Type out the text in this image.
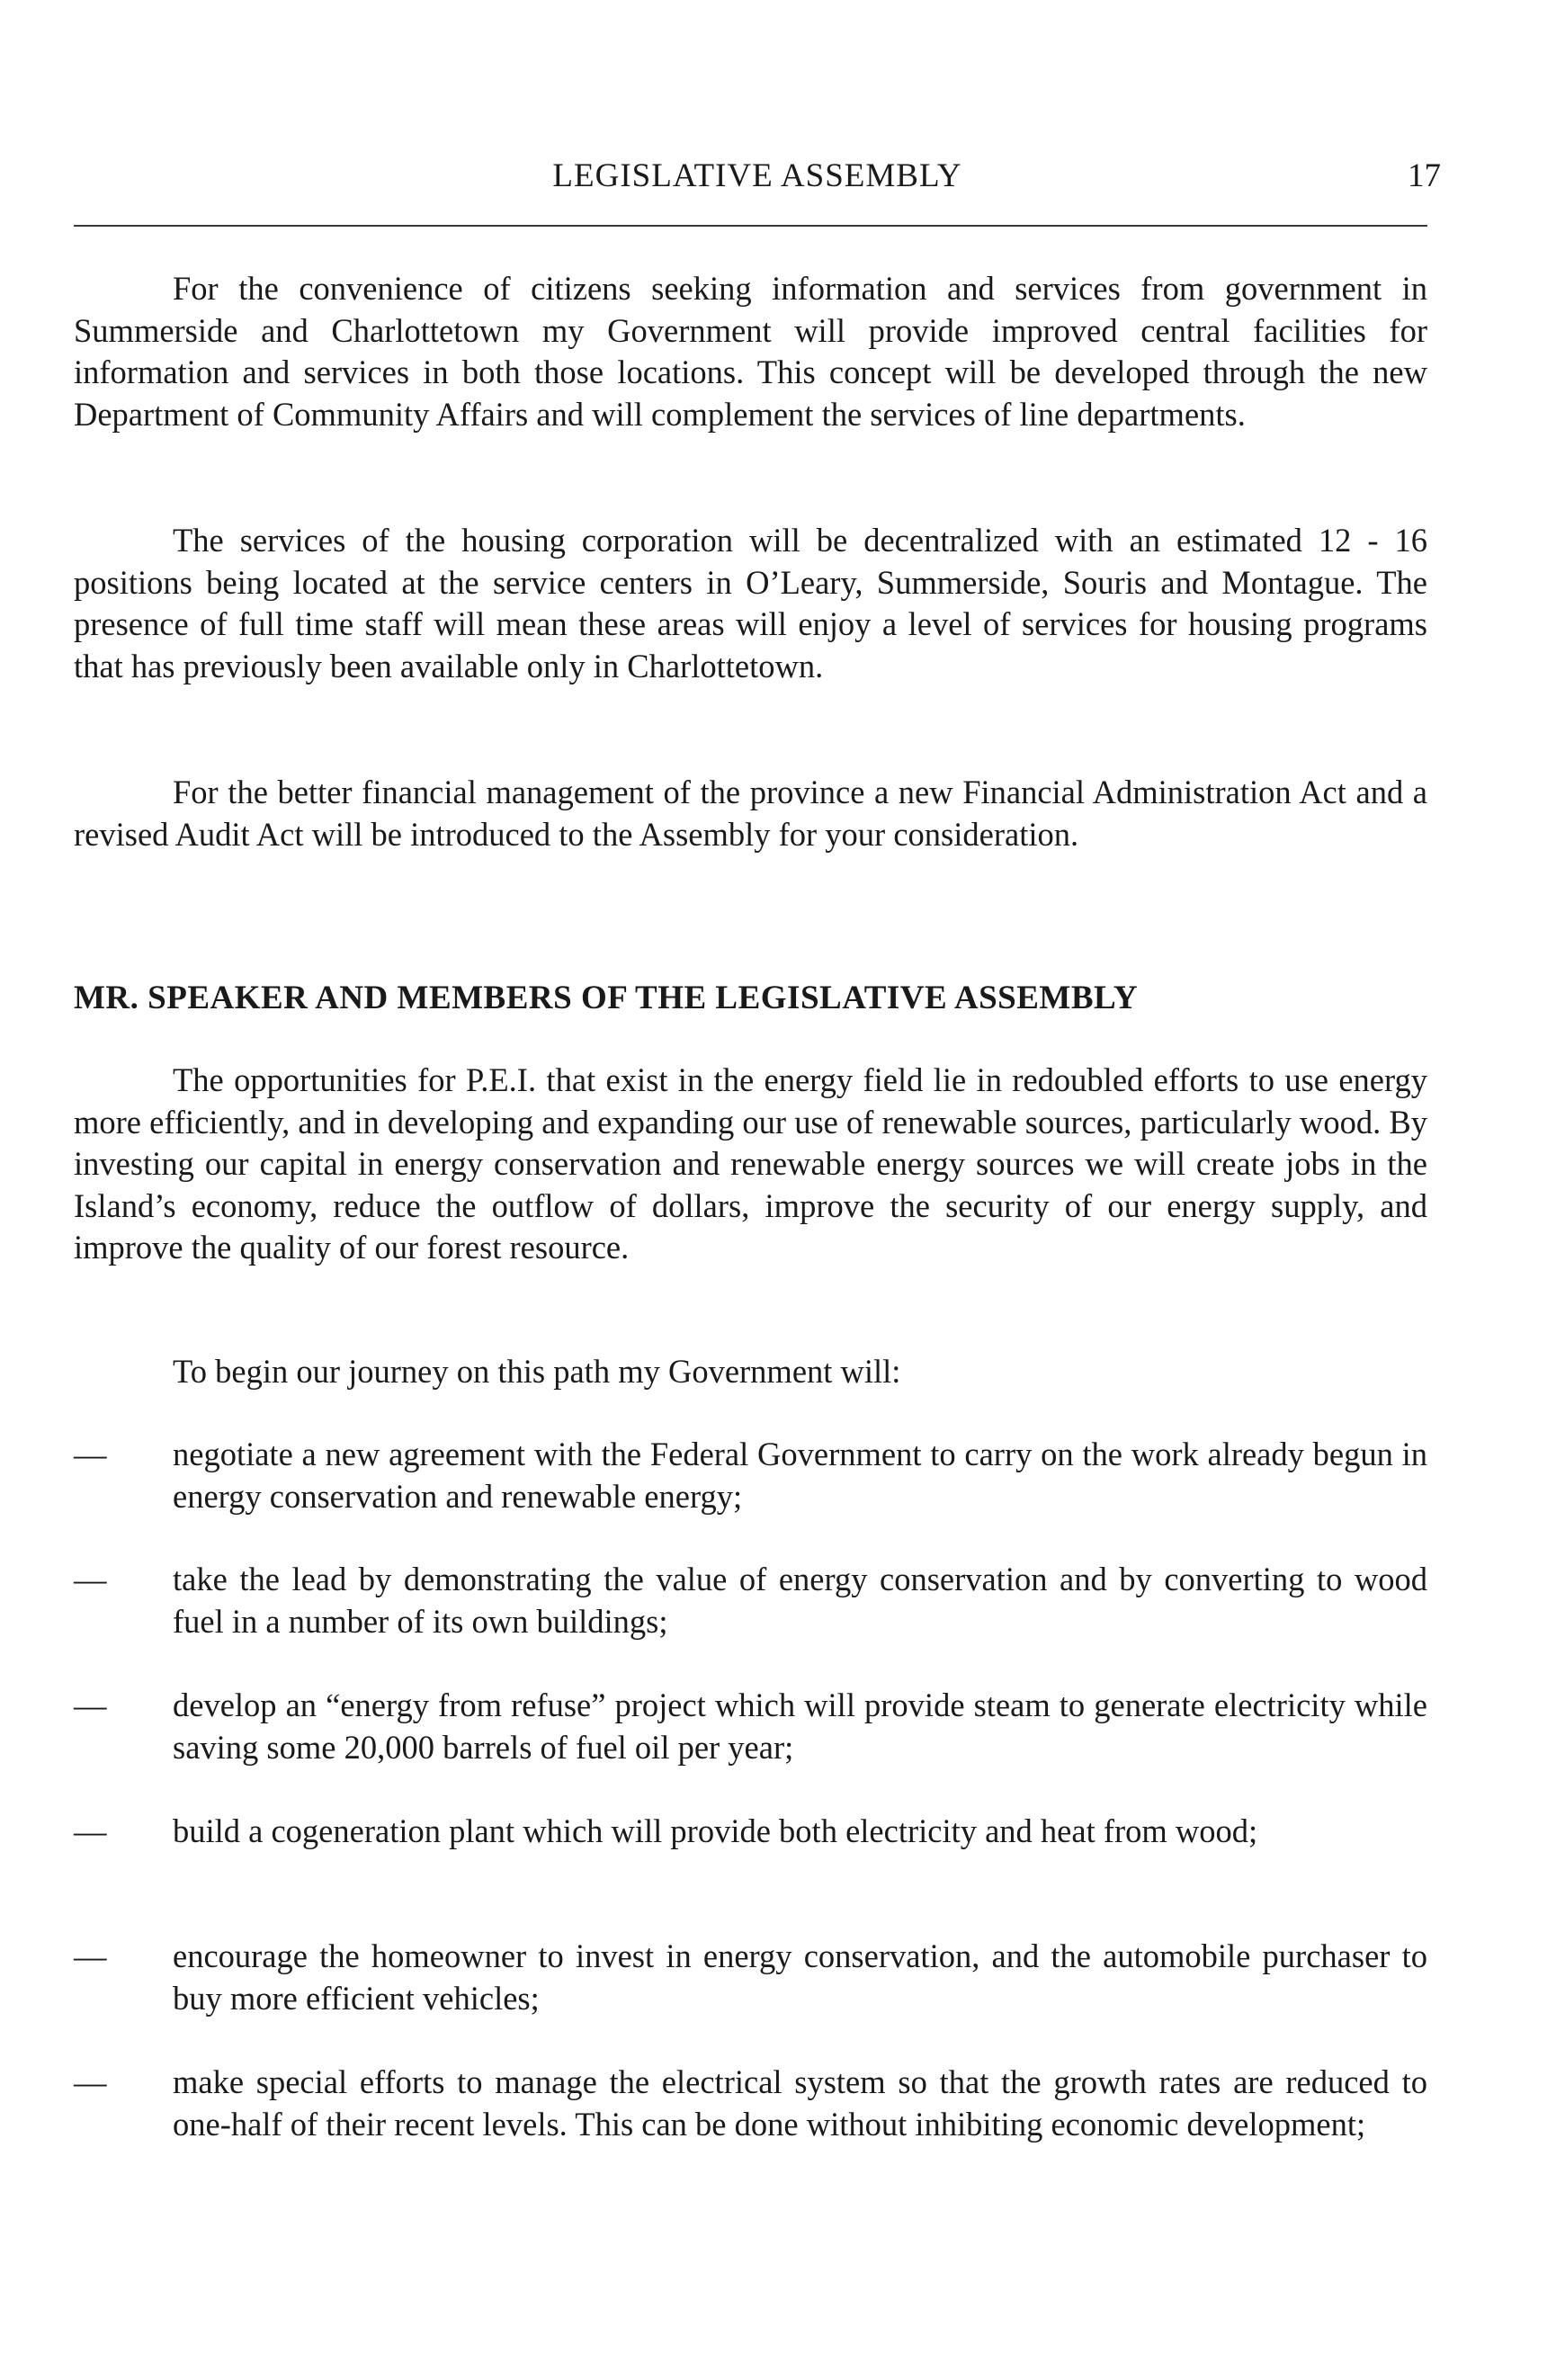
LEGISLATIVE ASSEMBLY	17

For the convenience of citizens seeking information and services from government in Summerside and Charlottetown my Government will provide improved central facilities for information and services in both those locations. This concept will be developed through the new Department of Community Affairs and will complement the services of line departments.

The services of the housing corporation will be decentralized with an estimated 12 - 16 positions being located at the service centers in O’Leary, Summerside, Souris and Montague. The presence of full time staff will mean these areas will enjoy a level of services for housing programs that has previously been available only in Charlottetown.

For the better financial management of the province a new Financial Administration Act and a revised Audit Act will be introduced to the Assembly for your consideration.

MR. SPEAKER AND MEMBERS OF THE LEGISLATIVE ASSEMBLY

The opportunities for P.E.I. that exist in the energy field lie in redoubled efforts to use energy more efficiently, and in developing and expanding our use of renewable sources, particularly wood. By investing our capital in energy conservation and renewable energy sources we will create jobs in the Island’s economy, reduce the outflow of dollars, improve the security of our energy supply, and improve the quality of our forest resource.

To begin our journey on this path my Government will:

— negotiate a new agreement with the Federal Government to carry on the work already begun in energy conservation and renewable energy;

— take the lead by demonstrating the value of energy conservation and by converting to wood fuel in a number of its own buildings;

— develop an “energy from refuse” project which will provide steam to generate electricity while saving some 20,000 barrels of fuel oil per year;

— build a cogeneration plant which will provide both electricity and heat from wood;

— encourage the homeowner to invest in energy conservation, and the automobile purchaser to buy more efficient vehicles;

— make special efforts to manage the electrical system so that the growth rates are reduced to one-half of their recent levels. This can be done without inhibiting economic development;
